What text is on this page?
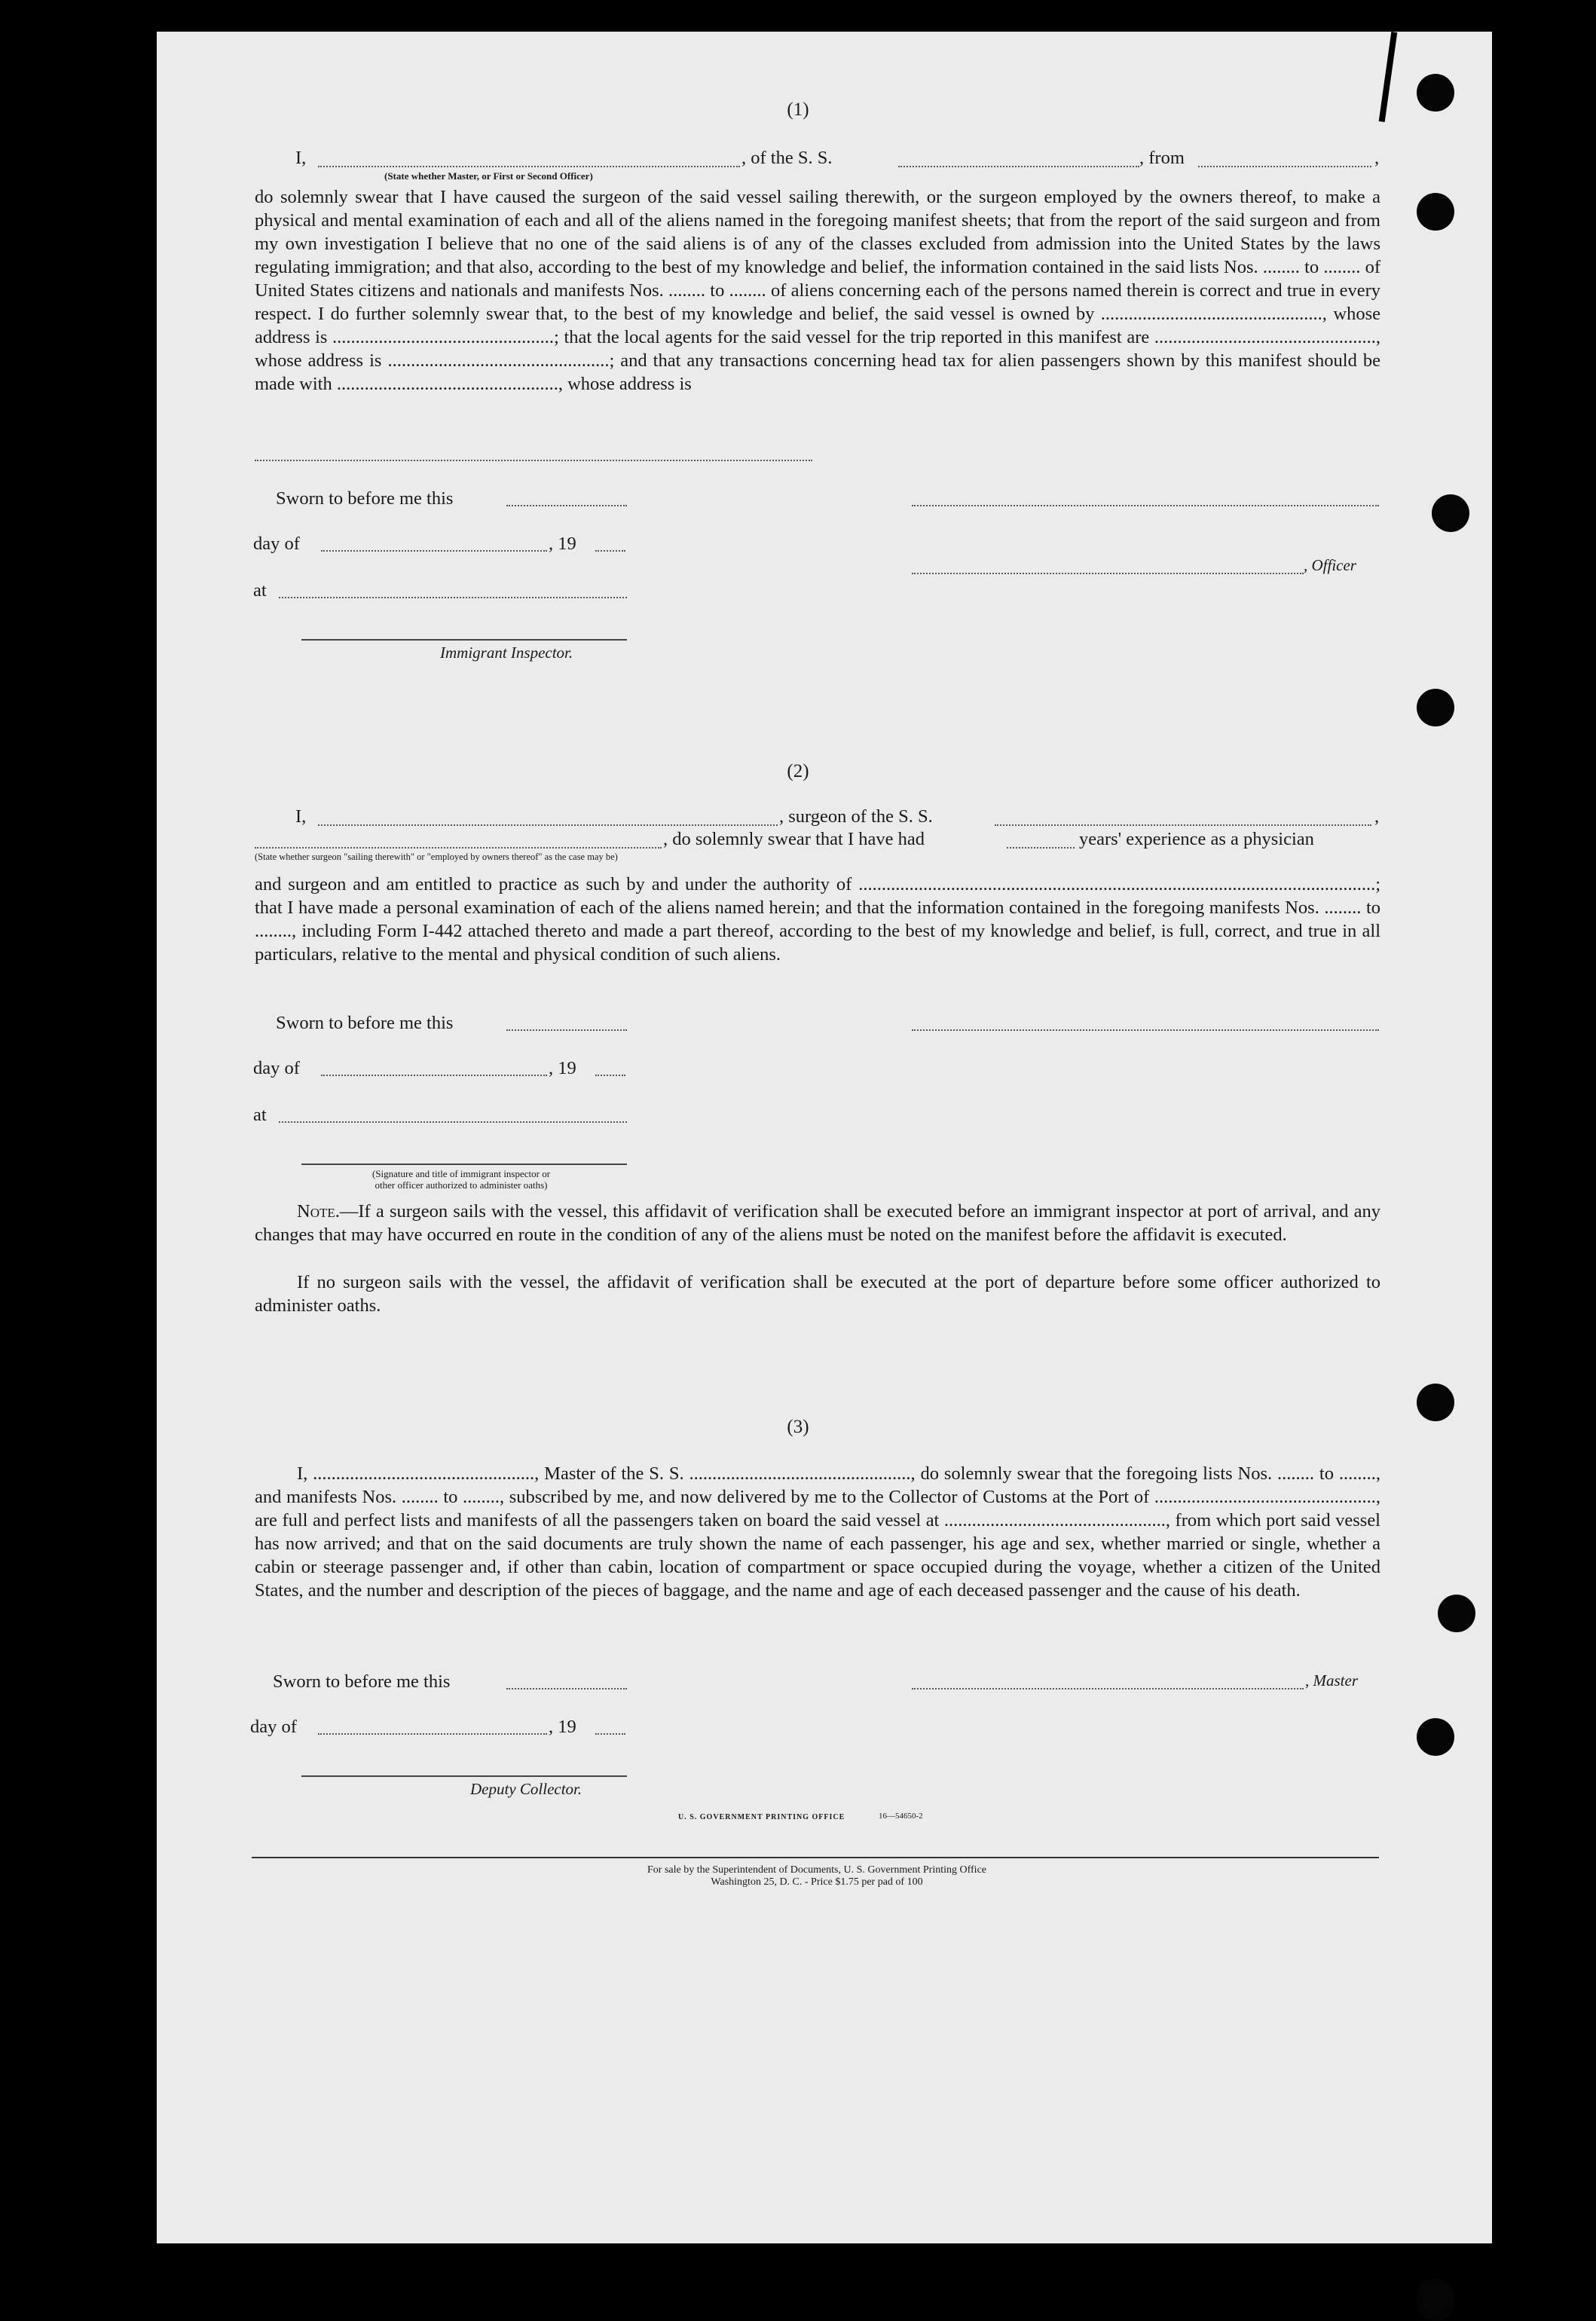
(1)
I,	, of the S. S.	, from	,
(State whether Master, or First or Second Officer)
do solemnly swear that I have caused the surgeon of the said vessel sailing therewith, or the surgeon employed by the owners thereof, to make a physical and mental examination of each and all of the aliens named in the foregoing manifest sheets; that from the report of the said surgeon and from my own investigation I believe that no one of the said aliens is of any of the classes excluded from admission into the United States by the laws regulating immigration; and that also, according to the best of my knowledge and belief, the information contained in the said lists Nos. ........ to ........ of United States citizens and nationals and manifests Nos. ........ to ........ of aliens concerning each of the persons named therein is correct and true in every respect. I do further solemnly swear that, to the best of my knowledge and belief, the said vessel is owned by ................................................, whose address is ................................................; that the local agents for the said vessel for the trip reported in this manifest are ................................................, whose address is ................................................; and that any transactions concerning head tax for alien passengers shown by this manifest should be made with ................................................, whose address is
Sworn to before me this
day of	, 19
, Officer
at
Immigrant Inspector.
(2)
I,	, surgeon of the S. S.	,
, do solemnly swear that I have had	years' experience as a physician
(State whether surgeon "sailing therewith" or "employed by owners thereof" as the case may be)
and surgeon and am entitled to practice as such by and under the authority of ................................................................................................................; that I have made a personal examination of each of the aliens named herein; and that the information contained in the foregoing manifests Nos. ........ to ........, including Form I-442 attached thereto and made a part thereof, according to the best of my knowledge and belief, is full, correct, and true in all particulars, relative to the mental and physical condition of such aliens.
Sworn to before me this
day of	, 19
at
(Signature and title of immigrant inspector or
other officer authorized to administer oaths)
Note.—If a surgeon sails with the vessel, this affidavit of verification shall be executed before an immigrant inspector at port of arrival, and any changes that may have occurred en route in the condition of any of the aliens must be noted on the manifest before the affidavit is executed.
If no surgeon sails with the vessel, the affidavit of verification shall be executed at the port of departure before some officer authorized to administer oaths.
(3)
I, ................................................, Master of the S. S. ................................................, do solemnly swear that the foregoing lists Nos. ........ to ........, and manifests Nos. ........ to ........, subscribed by me, and now delivered by me to the Collector of Customs at the Port of ................................................, are full and perfect lists and manifests of all the passengers taken on board the said vessel at ................................................, from which port said vessel has now arrived; and that on the said documents are truly shown the name of each passenger, his age and sex, whether married or single, whether a cabin or steerage passenger and, if other than cabin, location of compartment or space occupied during the voyage, whether a citizen of the United States, and the number and description of the pieces of baggage, and the name and age of each deceased passenger and the cause of his death.
Sworn to before me this	, Master
day of	, 19
Deputy Collector.
U. S. GOVERNMENT PRINTING OFFICE	16—54650-2
For sale by the Superintendent of Documents, U. S. Government Printing Office
Washington 25, D. C. - Price $1.75 per pad of 100
